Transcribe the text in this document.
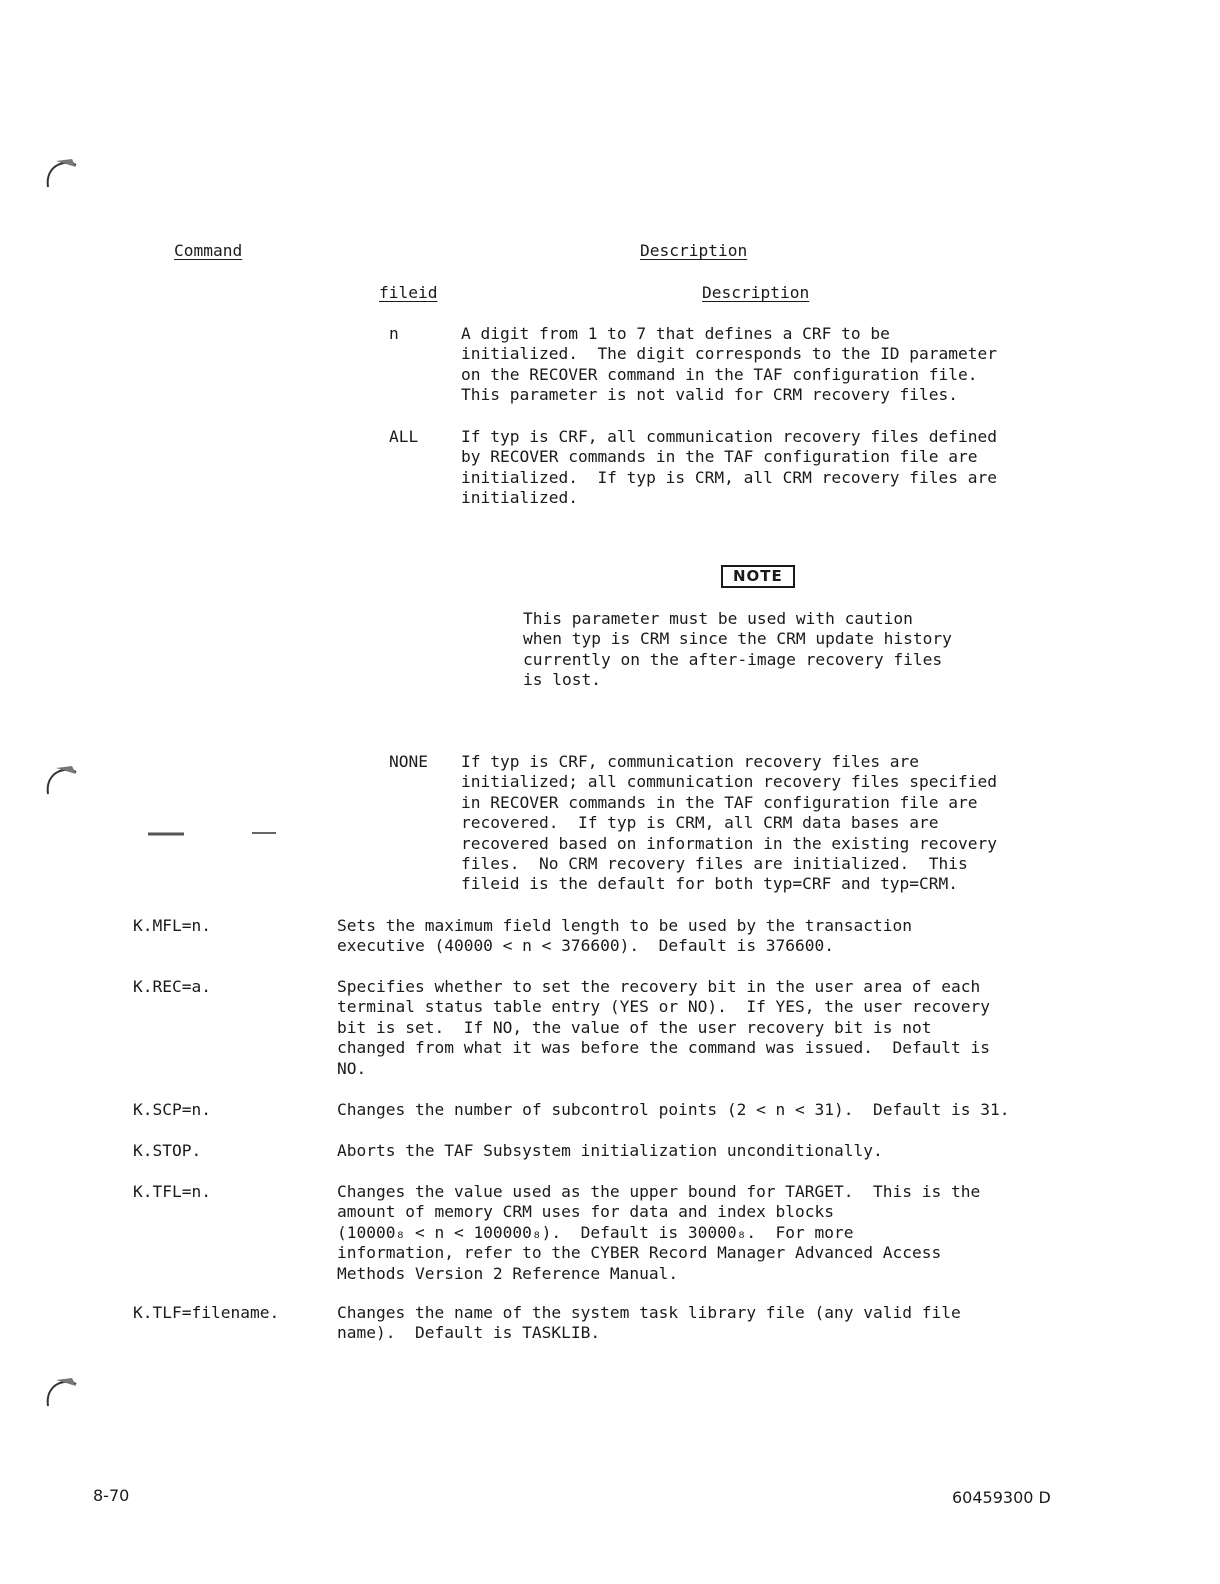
Command	Description
fileid	Description
n	A digit from 1 to 7 that defines a CRF to be
initialized.  The digit corresponds to the ID parameter
on the RECOVER command in the TAF configuration file.
This parameter is not valid for CRM recovery files.
ALL	If typ is CRF, all communication recovery files defined
by RECOVER commands in the TAF configuration file are
initialized.  If typ is CRM, all CRM recovery files are
initialized.
NOTE
This parameter must be used with caution
when typ is CRM since the CRM update history
currently on the after-image recovery files
is lost.
NONE If typ is CRF, communication recovery files are
initialized; all communication recovery files specified
in RECOVER commands in the TAF configuration file are
recovered.  If typ is CRM, all CRM data bases are
recovered based on information in the existing recovery
files.  No CRM recovery files are initialized.  This
fileid is the default for both typ=CRF and typ=CRM.
K.MFL=n.	Sets the maximum field length to be used by the transaction
executive (40000 < n < 376600).  Default is 376600.
K.REC=a.	Specifies whether to set the recovery bit in the user area of each
terminal status table entry (YES or NO).  If YES, the user recovery
bit is set.  If NO, the value of the user recovery bit is not
changed from what it was before the command was issued.  Default is
NO.
K.SCP=n.	Changes the number of subcontrol points (2 < n < 31).  Default is 31.
K.STOP.	Aborts the TAF Subsystem initialization unconditionally.
K.TFL=n.	Changes the value used as the upper bound for TARGET.  This is the
amount of memory CRM uses for data and index blocks
(10000₈ < n < 100000₈).  Default is 30000₈.  For more
information, refer to the CYBER Record Manager Advanced Access
Methods Version 2 Reference Manual.
K.TLF=filename.	Changes the name of the system task library file (any valid file
name).  Default is TASKLIB.
8-70	60459300 D
